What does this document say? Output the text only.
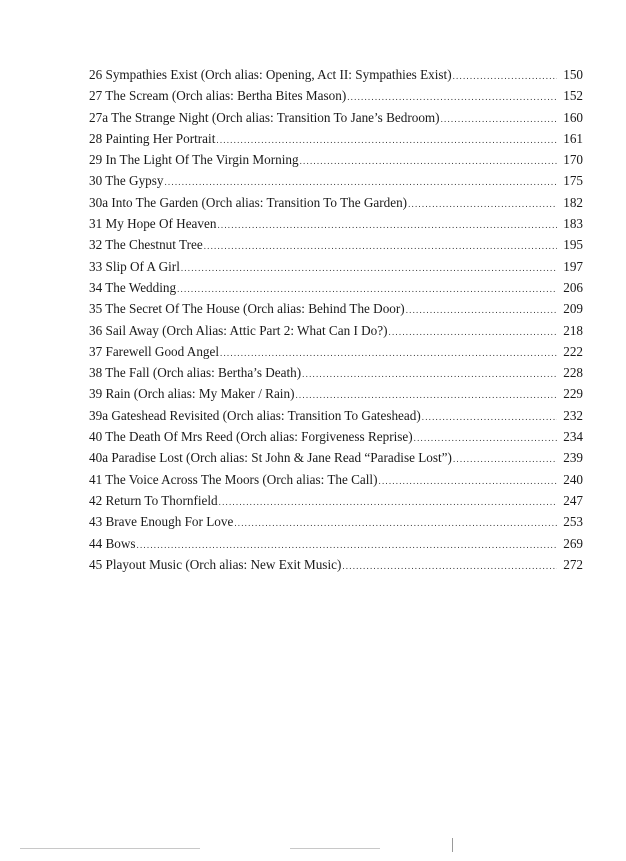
26 Sympathies Exist (Orch alias: Opening, Act II: Sympathies Exist) .....	150
27 The Scream (Orch alias: Bertha Bites Mason) .....	152
27a The Strange Night (Orch alias: Transition To Jane’s Bedroom) .....	160
28 Painting Her Portrait .....	161
29 In The Light Of The Virgin Morning .....	170
30 The Gypsy .....	175
30a Into The Garden (Orch alias: Transition To The Garden) .....	182
31 My Hope Of Heaven .....	183
32 The Chestnut Tree .....	195
33 Slip Of A Girl .....	197
34 The Wedding .....	206
35 The Secret Of The House (Orch alias: Behind The Door) .....	209
36 Sail Away (Orch Alias: Attic Part 2: What Can I Do?) .....	218
37 Farewell Good Angel .....	222
38 The Fall (Orch alias: Bertha’s Death) .....	228
39 Rain (Orch alias: My Maker / Rain) .....	229
39a Gateshead Revisited (Orch alias: Transition To Gateshead) .....	232
40 The Death Of Mrs Reed (Orch alias: Forgiveness Reprise) .....	234
40a Paradise Lost (Orch alias: St John & Jane Read “Paradise Lost”) .....	239
41 The Voice Across The Moors (Orch alias: The Call) .....	240
42 Return To Thornfield .....	247
43 Brave Enough For Love .....	253
44 Bows .....	269
45 Playout Music (Orch alias: New Exit Music) .....	272
